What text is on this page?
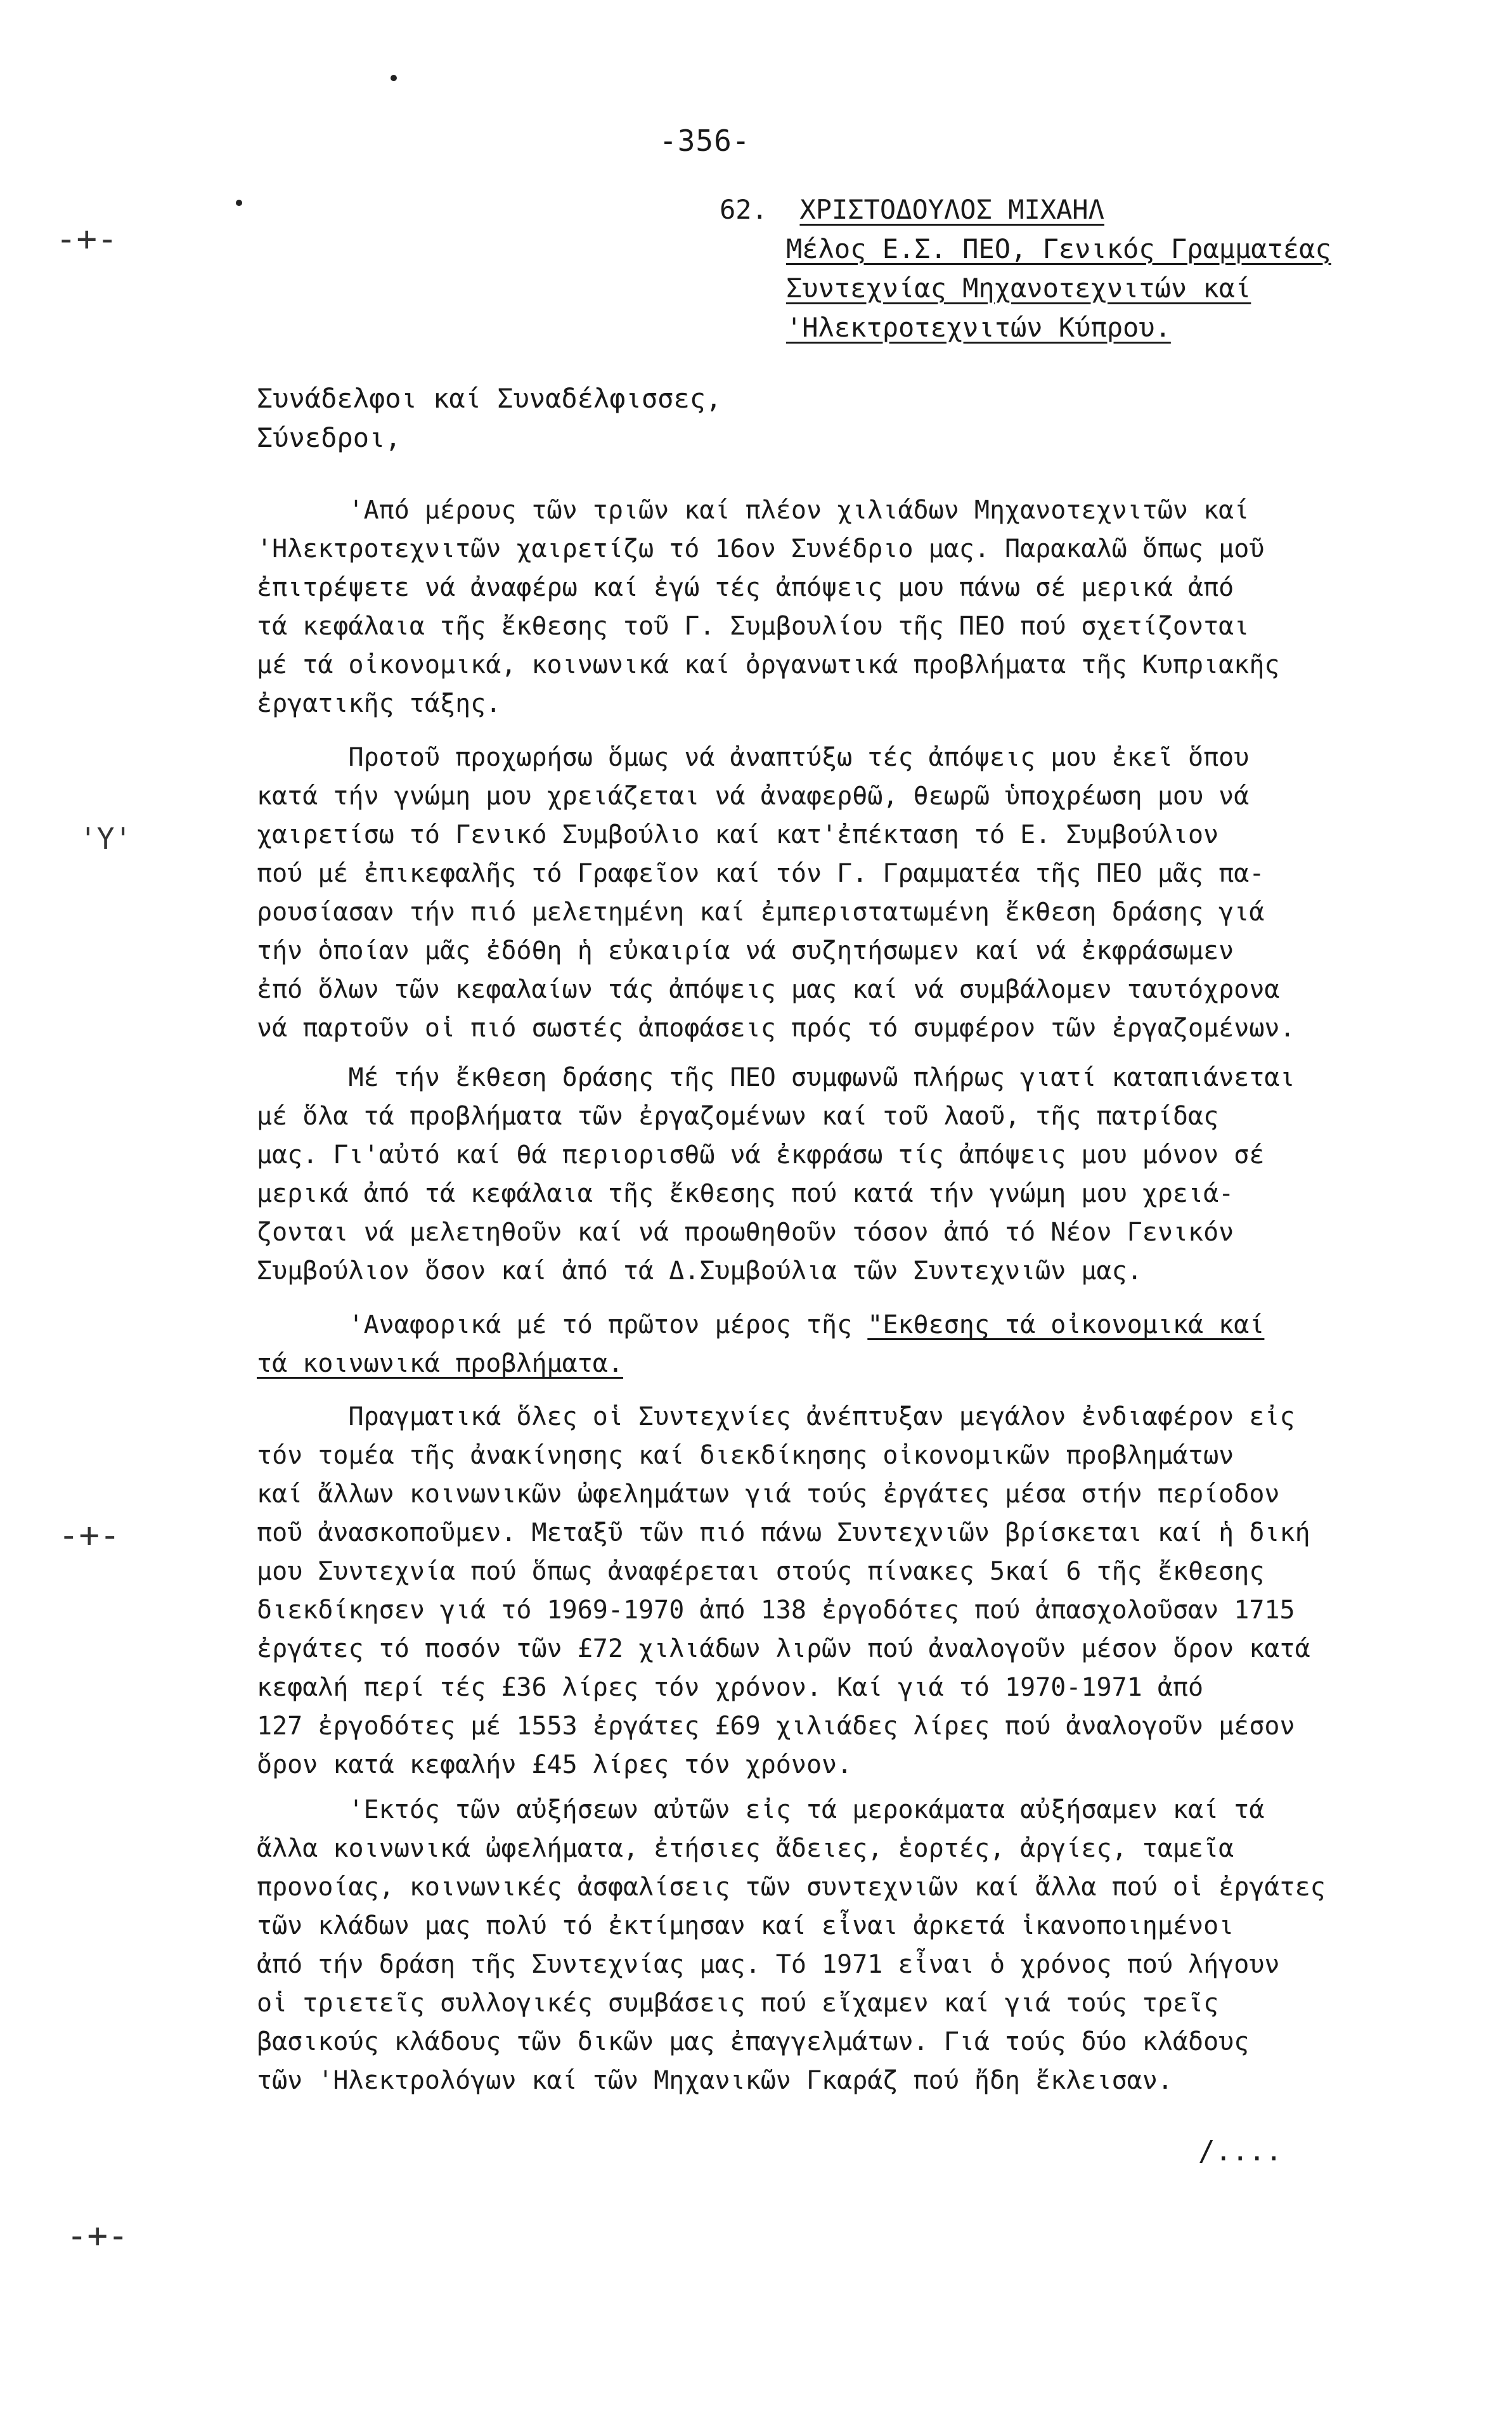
-356-
62. ΧΡΙΣΤΟΔΟΥΛΟΣ ΜΙΧΑΗΛ
Μέλος Ε.Σ. ΠΕΟ, Γενικός Γραμματέας
Συντεχνίας Μηχανοτεχνιτών καί
'Ηλεκτροτεχνιτών Κύπρου.
Συνάδελφοι καί Συναδέλφισσες,
Σύνεδροι,
'Από μέρους τῶν τριῶν καί πλέον χιλιάδων Μηχανοτεχνιτῶν καί
'Ηλεκτροτεχνιτῶν χαιρετίζω τό 16ον Συνέδριο μας. Παρακαλῶ ὅπως μοῦ
ἐπιτρέψετε νά ἀναφέρω καί ἐγώ τές ἀπόψεις μου πάνω σέ μερικά ἀπό
τά κεφάλαια τῆς ἔκθεσης τοῦ Γ. Συμβουλίου τῆς ΠΕΟ πού σχετίζονται
μέ τά οἰκονομικά, κοινωνικά καί ὀργανωτικά προβλήματα τῆς Κυπριακῆς
ἐργατικῆς τάξης.
Προτοῦ προχωρήσω ὅμως νά ἀναπτύξω τές ἀπόψεις μου ἐκεῖ ὅπου
κατά τήν γνώμη μου χρειάζεται νά ἀναφερθῶ, θεωρῶ ὑποχρέωση μου νά
χαιρετίσω τό Γενικό Συμβούλιο καί κατ'ἐπέκταση τό Ε. Συμβούλιον
πού μέ ἐπικεφαλῆς τό Γραφεῖον καί τόν Γ. Γραμματέα τῆς ΠΕΟ μᾶς πα-
ρουσίασαν τήν πιό μελετημένη καί ἐμπεριστατωμένη ἔκθεση δράσης γιά
τήν ὁποίαν μᾶς ἐδόθη ἡ εὐκαιρία νά συζητήσωμεν καί νά ἐκφράσωμεν
ἐπό ὅλων τῶν κεφαλαίων τάς ἀπόψεις μας καί νά συμβάλομεν ταυτόχρονα
νά παρτοῦν οἱ πιό σωστές ἀποφάσεις πρός τό συμφέρον τῶν ἐργαζομένων.
Μέ τήν ἔκθεση δράσης τῆς ΠΕΟ συμφωνῶ πλήρως γιατί καταπιάνεται
μέ ὅλα τά προβλήματα τῶν ἐργαζομένων καί τοῦ λαοῦ, τῆς πατρίδας
μας. Γι'αὐτό καί θά περιορισθῶ νά ἐκφράσω τίς ἀπόψεις μου μόνον σέ
μερικά ἀπό τά κεφάλαια τῆς ἔκθεσης πού κατά τήν γνώμη μου χρειά-
ζονται νά μελετηθοῦν καί νά προωθηθοῦν τόσον ἀπό τό Νέον Γενικόν
Συμβούλιον ὅσον καί ἀπό τά Δ.Συμβούλια τῶν Συντεχνιῶν μας.
'Αναφορικά μέ τό πρῶτον μέρος τῆς "Εκθεσης τά οἰκονομικά καί
τά κοινωνικά προβλήματα.
Πραγματικά ὅλες οἱ Συντεχνίες ἀνέπτυξαν μεγάλον ἐνδιαφέρον εἰς
τόν τομέα τῆς ἀνακίνησης καί διεκδίκησης οἰκονομικῶν προβλημάτων
καί ἄλλων κοινωνικῶν ὠφεληµάτων γιά τούς ἐργάτες μέσα στήν περίοδον
ποῦ ἀνασκοποῦμεν. Μεταξῦ τῶν πιό πάνω Συντεχνιῶν βρίσκεται καί ἡ δική
μου Συντεχνία πού ὅπως ἀναφέρεται στούς πίνακες 5καί 6 τῆς ἔκθεσης
διεκδίκησεν γιά τό 1969-1970 ἀπό 138 ἐργοδότες πού ἀπασχολοῦσαν 1715
ἐργάτες τό ποσόν τῶν £72 χιλιάδων λιρῶν πού ἀναλογοῦν μέσον ὅρον κατά
κεφαλή περί τές £36 λίρες τόν χρόνον. Καί γιά τό 1970-1971 ἀπό
127 ἐργοδότες μέ 1553 ἐργάτες £69 χιλιάδες λίρες πού ἀναλογοῦν μέσον
ὅρον κατά κεφαλήν £45 λίρες τόν χρόνον.
'Εκτός τῶν αὐξήσεων αὐτῶν εἰς τά μεροκάματα αὐξήσαμεν καί τά
ἄλλα κοινωνικά ὠφελήματα, ἐτήσιες ἄδειες, ἑορτές, ἀργίες, ταμεῖα
προνοίας, κοινωνικές ἀσφαλίσεις τῶν συντεχνιῶν καί ἄλλα πού οἱ ἐργάτες
τῶν κλάδων μας πολύ τό ἐκτίμησαν καί εἶναι ἀρκετά ἱκανοποιημένοι
ἀπό τήν δράση τῆς Συντεχνίας μας. Τό 1971 εἶναι ὁ χρόνος πού λήγουν
οἱ τριετεῖς συλλογικές συμβάσεις πού εἴχαμεν καί γιά τούς τρεῖς
βασικούς κλάδους τῶν δικῶν μας ἐπαγγελμάτων. Γιά τούς δύο κλάδους
τῶν 'Ηλεκτρολόγων καί τῶν Μηχανικῶν Γκαράζ πού ἤδη ἔκλεισαν.
/....
-+-
'Y'
-+-
-+-
